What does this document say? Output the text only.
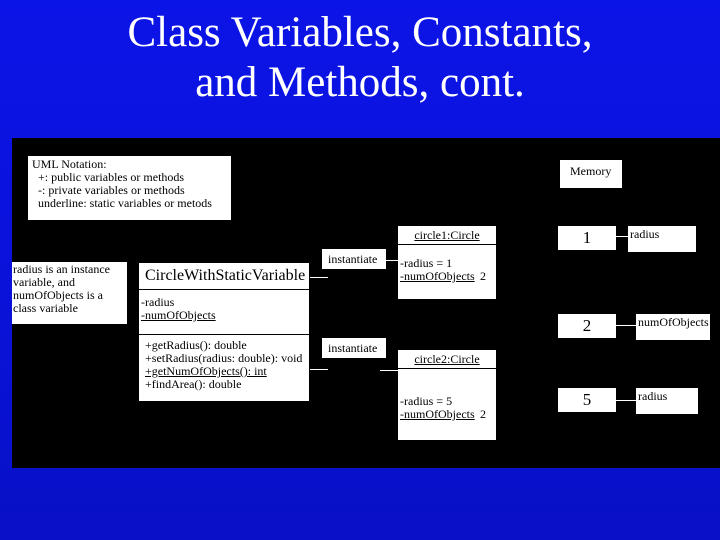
Class Variables, Constants,
and Methods, cont.
UML Notation:
+: public variables or methods
-: private variables or methods
underline: static variables or metods
radius is an instance
variable, and
numOfObjects is a
class variable
CircleWithStaticVariable
-radius
-numOfObjects
+getRadius(): double
+setRadius(radius: double): void
+getNumOfObjects(): int
+findArea(): double
instantiate
instantiate
circle1:Circle
-radius = 1
-numOfObjects 2
circle2:Circle
-radius = 5
-numOfObjects 2
Memory
1
2
5
radius
numOfObjects
radius
